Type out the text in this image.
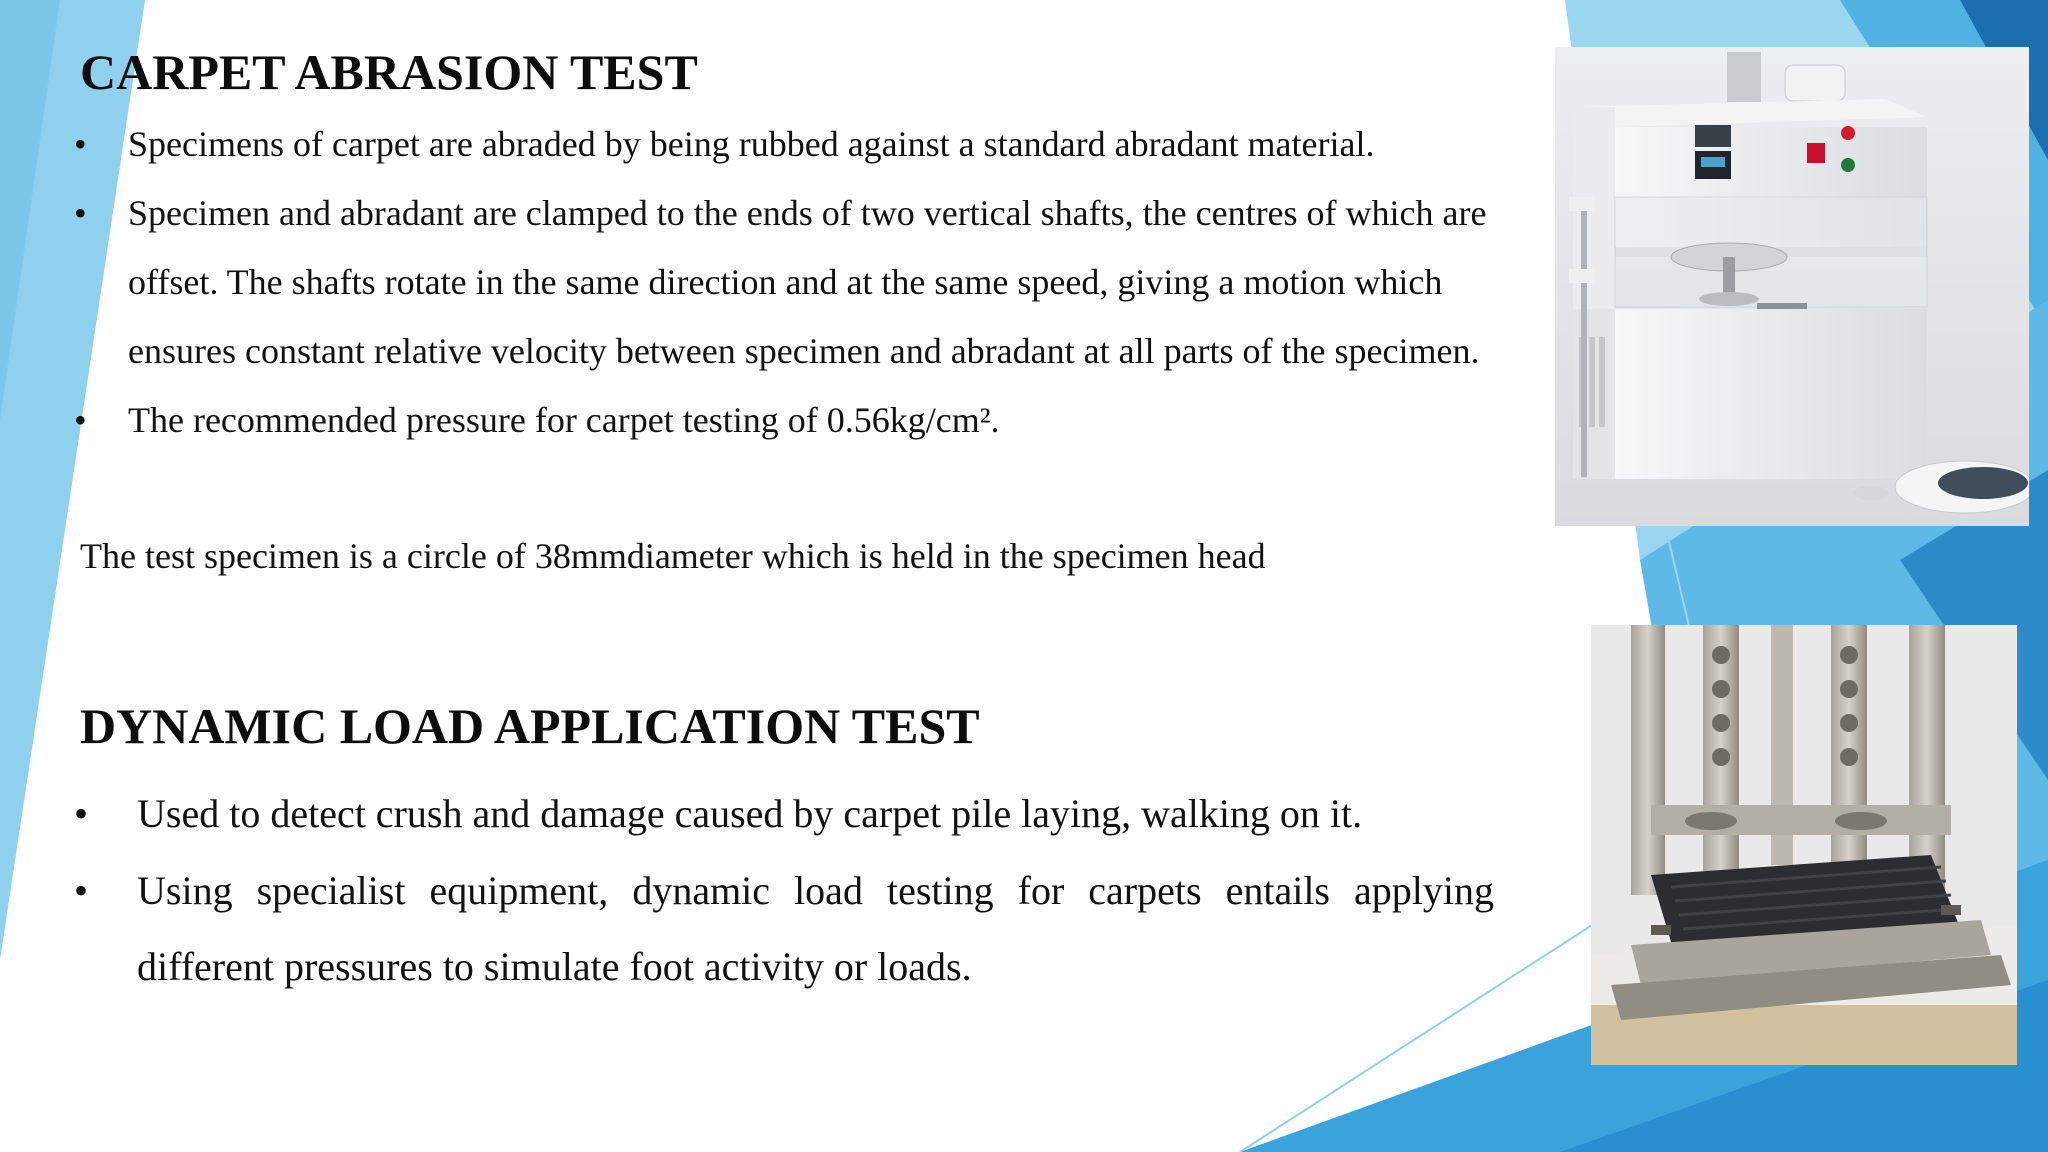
CARPET ABRASION TEST
• Specimens of carpet are abraded by being rubbed against a standard abradant material.
• Specimen and abradant are clamped to the ends of two vertical shafts, the centres of which are offset. The shafts rotate in the same direction and at the same speed, giving a motion which ensures constant relative velocity between specimen and abradant at all parts of the specimen.
• The recommended pressure for carpet testing of 0.56kg/cm².

The test specimen is a circle of 38mmdiameter which is held in the specimen head

DYNAMIC LOAD APPLICATION TEST
• Used to detect crush and damage caused by carpet pile laying, walking on it.
• Using specialist equipment, dynamic load testing for carpets entails applying different pressures to simulate foot activity or loads.
